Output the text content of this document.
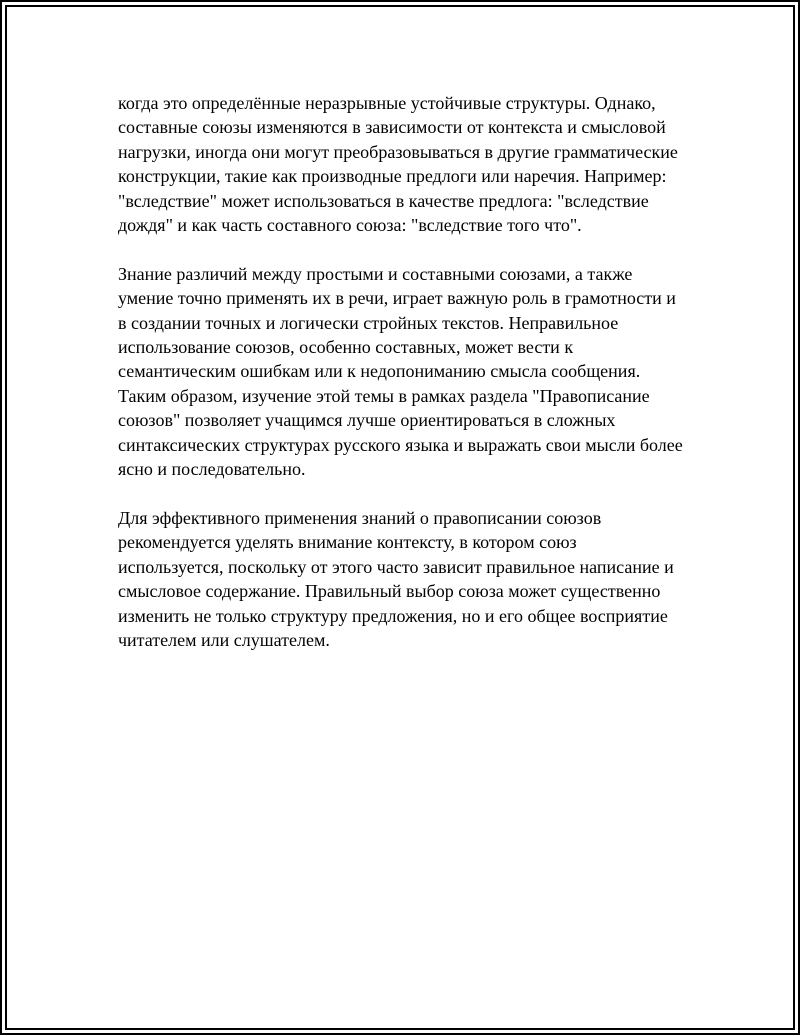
когда это определённые неразрывные устойчивые структуры. Однако, составные союзы изменяются в зависимости от контекста и смысловой нагрузки, иногда они могут преобразовываться в другие грамматические конструкции, такие как производные предлоги или наречия. Например: "вследствие" может использоваться в качестве предлога: "вследствие дождя" и как часть составного союза: "вследствие того что".

Знание различий между простыми и составными союзами, а также умение точно применять их в речи, играет важную роль в грамотности и в создании точных и логически стройных текстов. Неправильное использование союзов, особенно составных, может вести к семантическим ошибкам или к недопониманию смысла сообщения. Таким образом, изучение этой темы в рамках раздела "Правописание союзов" позволяет учащимся лучше ориентироваться в сложных синтаксических структурах русского языка и выражать свои мысли более ясно и последовательно.

Для эффективного применения знаний о правописании союзов рекомендуется уделять внимание контексту, в котором союз используется, поскольку от этого часто зависит правильное написание и смысловое содержание. Правильный выбор союза может существенно изменить не только структуру предложения, но и его общее восприятие читателем или слушателем.
